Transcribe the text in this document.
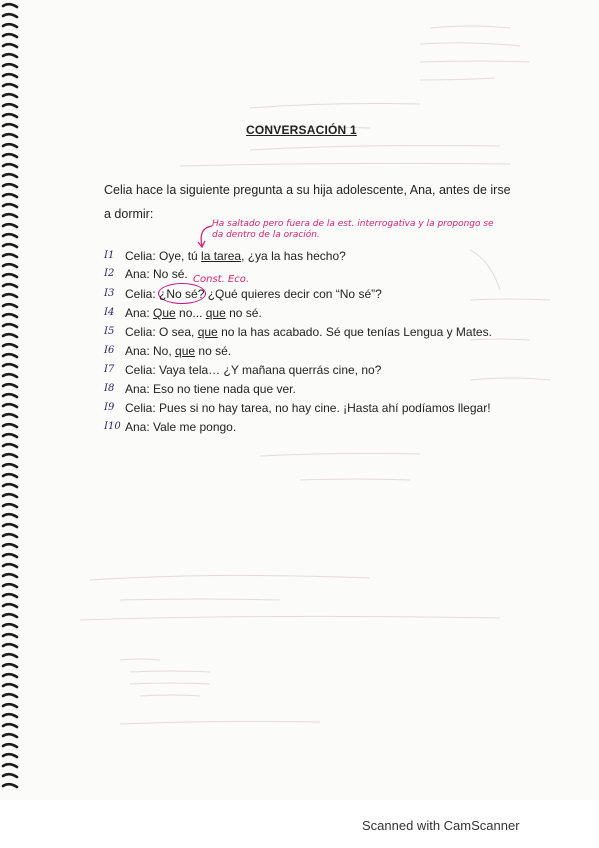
CONVERSACIÓN 1
Celia hace la siguiente pregunta a su hija adolescente, Ana, antes de irse a dormir:
Ha saltado pero fuera de la est. interrogativa y la propongo se
da dentro de la oración.
Const. Eco.
I1 Celia: Oye, tú la tarea, ¿ya la has hecho?
I2 Ana: No sé.
I3 Celia: ¿No sé? ¿Qué quieres decir con “No sé”?
I4 Ana: Que no... que no sé.
I5 Celia: O sea, que no la has acabado. Sé que tenías Lengua y Mates.
I6 Ana: No, que no sé.
I7 Celia: Vaya tela… ¿Y mañana querrás cine, no?
I8 Ana: Eso no tiene nada que ver.
I9 Celia: Pues si no hay tarea, no hay cine. ¡Hasta ahí podíamos llegar!
I10 Ana: Vale me pongo.
Scanned with CamScanner
